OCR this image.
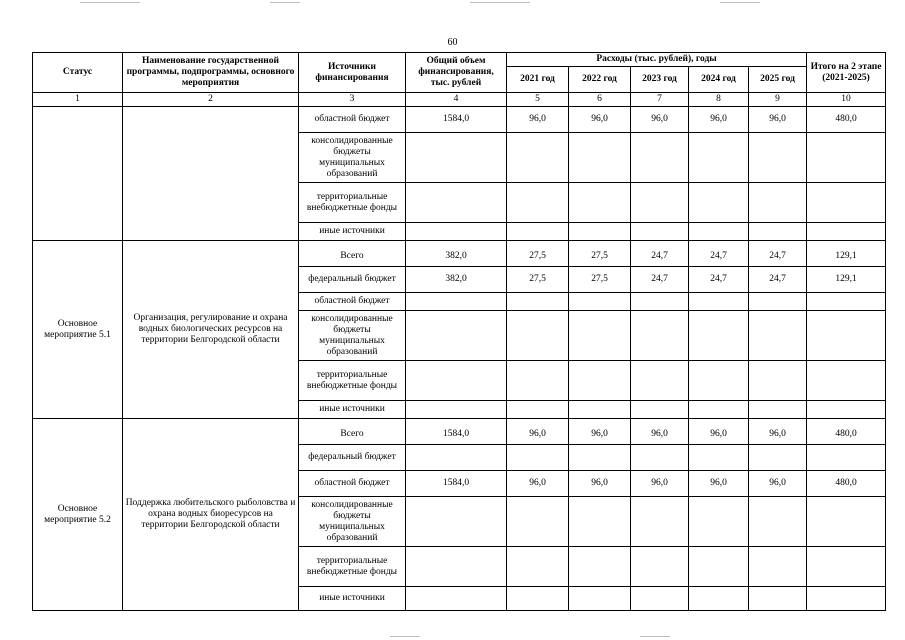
60
Статус	Наименование государственной программы, подпрограммы, основного мероприятия	Источники финансирования	Общий объем финансирования, тыс. рублей	Расходы (тыс. рублей), годы					Итого на 2 этапе (2021-2025)
				2021 год	2022 год	2023 год	2024 год	2025 год	
1	2	3	4	5	6	7	8	9	10
		областной бюджет	1584,0	96,0	96,0	96,0	96,0	96,0	480,0
		консолидированные бюджеты муниципальных образований							
		территориальные внебюджетные фонды							
		иные источники							
Основное мероприятие 5.1	Организация, регулирование и охрана водных биологических ресурсов на территории Белгородской области	Всего	382,0	27,5	27,5	24,7	24,7	24,7	129,1
		федеральный бюджет	382,0	27,5	27,5	24,7	24,7	24,7	129,1
		областной бюджет							
		консолидированные бюджеты муниципальных образований							
		территориальные внебюджетные фонды							
		иные источники							
Основное мероприятие 5.2	Поддержка любительского рыболовства и охрана водных биоресурсов на территории Белгородской области	Всего	1584,0	96,0	96,0	96,0	96,0	96,0	480,0
		федеральный бюджет							
		областной бюджет	1584,0	96,0	96,0	96,0	96,0	96,0	480,0
		консолидированные бюджеты муниципальных образований							
		территориальные внебюджетные фонды							
		иные источники							
